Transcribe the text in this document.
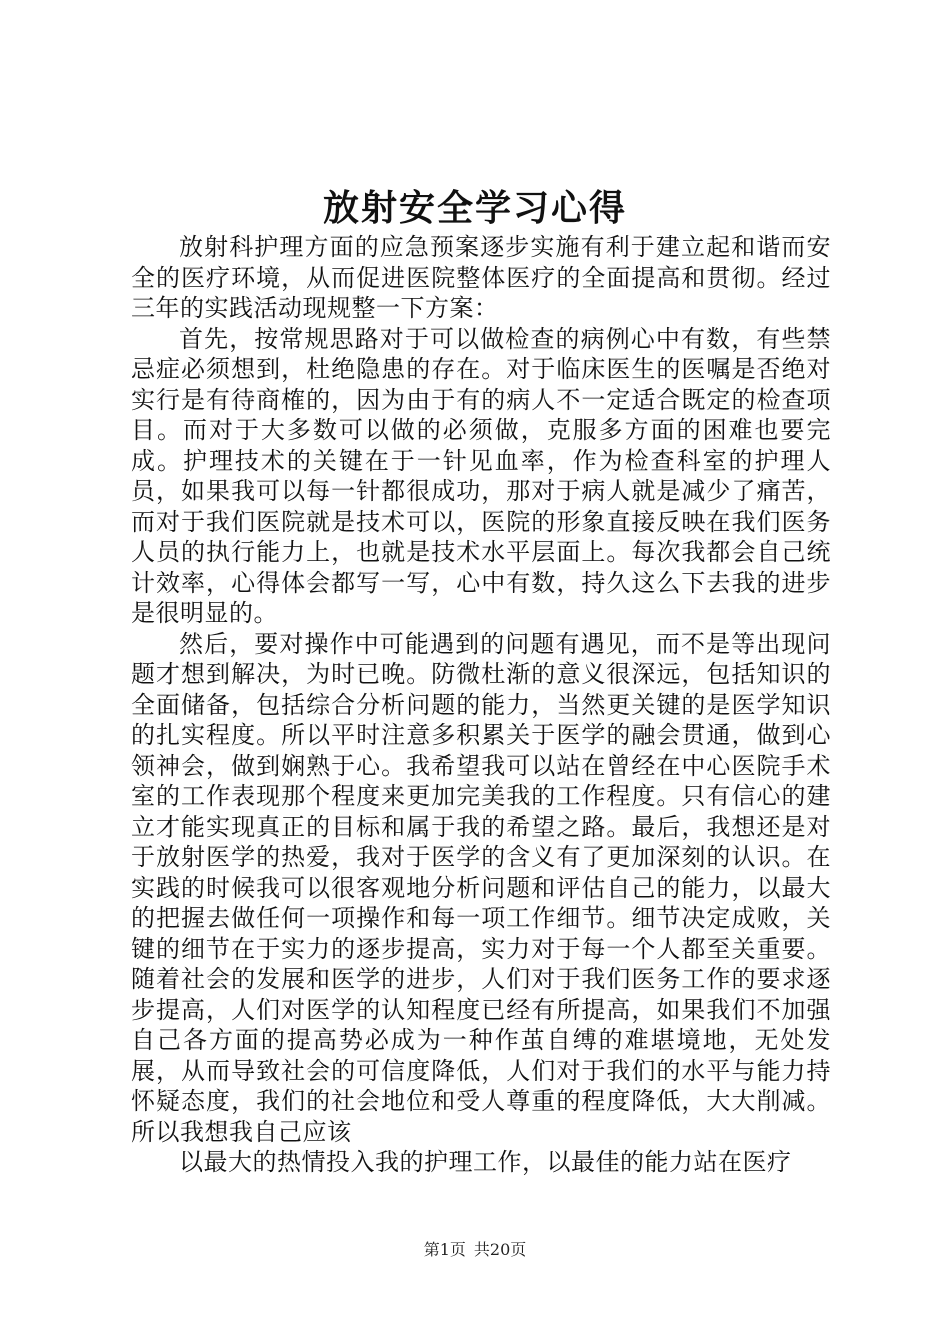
放射安全学习心得

放射科护理方面的应急预案逐步实施有利于建立起和谐而安全的医疗环境，从而促进医院整体医疗的全面提高和贯彻。经过三年的实践活动现规整一下方案：

首先，按常规思路对于可以做检查的病例心中有数，有些禁忌症必须想到，杜绝隐患的存在。对于临床医生的医嘱是否绝对实行是有待商榷的，因为由于有的病人不一定适合既定的检查项目。而对于大多数可以做的必须做，克服多方面的困难也要完成。护理技术的关键在于一针见血率，作为检查科室的护理人员，如果我可以每一针都很成功，那对于病人就是减少了痛苦，而对于我们医院就是技术可以，医院的形象直接反映在我们医务人员的执行能力上，也就是技术水平层面上。每次我都会自己统计效率，心得体会都写一写，心中有数，持久这么下去我的进步是很明显的。

然后，要对操作中可能遇到的问题有遇见，而不是等出现问题才想到解决，为时已晚。防微杜渐的意义很深远，包括知识的全面储备，包括综合分析问题的能力，当然更关键的是医学知识的扎实程度。所以平时注意多积累关于医学的融会贯通，做到心领神会，做到娴熟于心。我希望我可以站在曾经在中心医院手术室的工作表现那个程度来更加完美我的工作程度。只有信心的建立才能实现真正的目标和属于我的希望之路。最后，我想还是对于放射医学的热爱，我对于医学的含义有了更加深刻的认识。在实践的时候我可以很客观地分析问题和评估自己的能力，以最大的把握去做任何一项操作和每一项工作细节。细节决定成败，关键的细节在于实力的逐步提高，实力对于每一个人都至关重要。随着社会的发展和医学的进步，人们对于我们医务工作的要求逐步提高，人们对医学的认知程度已经有所提高，如果我们不加强自己各方面的提高势必成为一种作茧自缚的难堪境地，无处发展，从而导致社会的可信度降低，人们对于我们的水平与能力持怀疑态度，我们的社会地位和受人尊重的程度降低，大大削减。所以我想我自己应该

以最大的热情投入我的护理工作，以最佳的能力站在医疗

第1页 共20页
